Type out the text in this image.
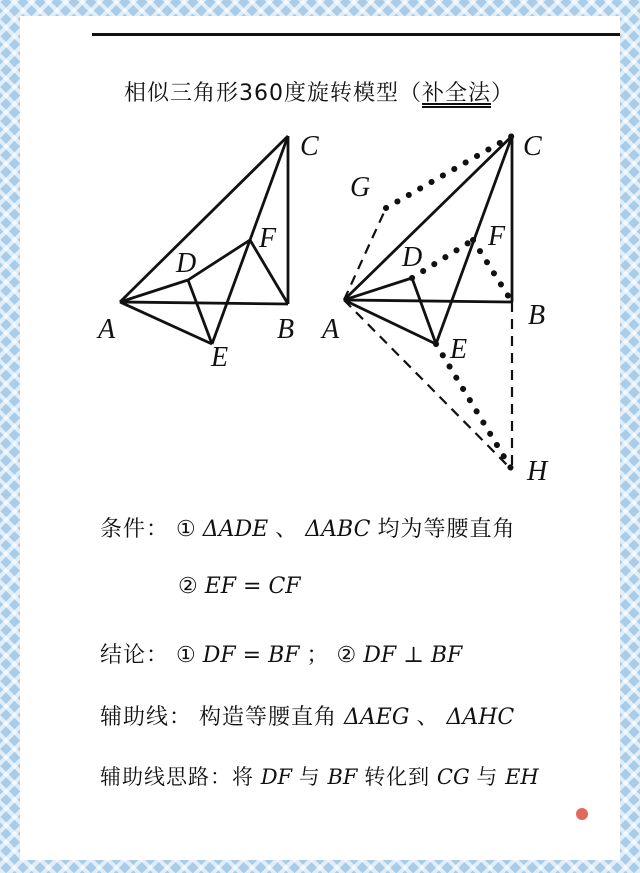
相似三角形360度旋转模型（补全法）
C
D
F
A	B
E
C
G
D
F
A	B
E
H
条件： ① ΔADE 、 ΔABC 均为等腰直角
② EF = CF
结论： ① DF = BF ； ② DF ⊥ BF
辅助线： 构造等腰直角 ΔAEG 、 ΔAHC
辅助线思路：将 DF 与 BF 转化到 CG 与 EH
